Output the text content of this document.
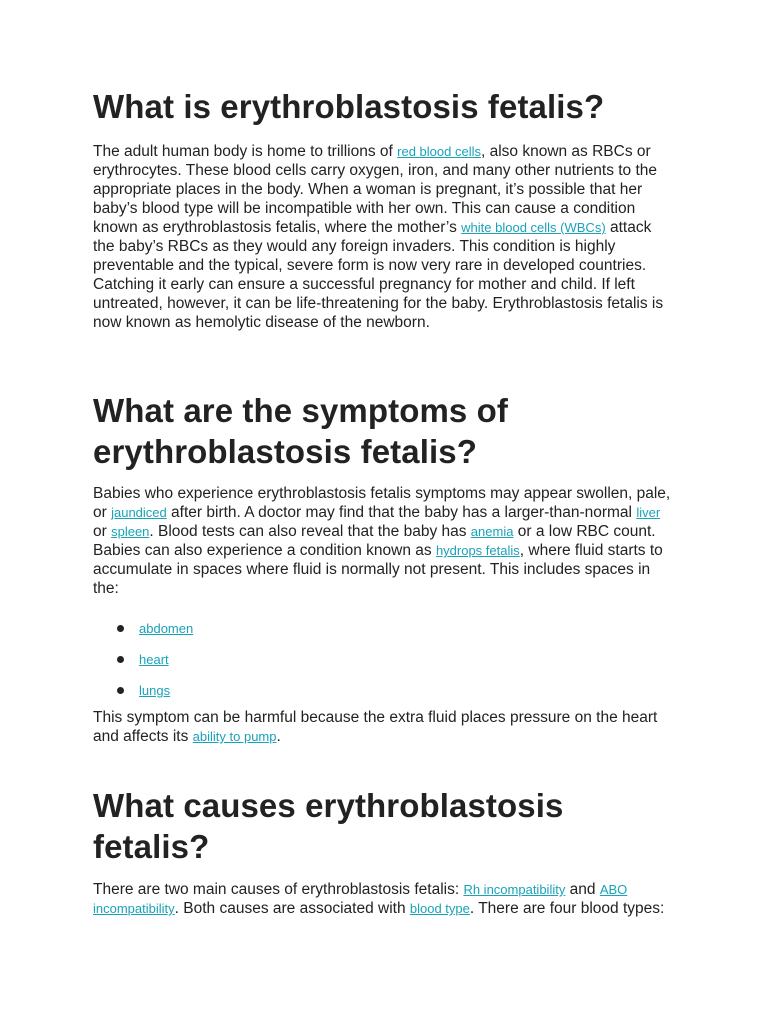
What is erythroblastosis fetalis?

The adult human body is home to trillions of red blood cells, also known as RBCs or erythrocytes. These blood cells carry oxygen, iron, and many other nutrients to the appropriate places in the body. When a woman is pregnant, it’s possible that her baby’s blood type will be incompatible with her own. This can cause a condition known as erythroblastosis fetalis, where the mother’s white blood cells (WBCs) attack the baby’s RBCs as they would any foreign invaders. This condition is highly preventable and the typical, severe form is now very rare in developed countries. Catching it early can ensure a successful pregnancy for mother and child. If left untreated, however, it can be life-threatening for the baby. Erythroblastosis fetalis is now known as hemolytic disease of the newborn.

What are the symptoms of erythroblastosis fetalis?

Babies who experience erythroblastosis fetalis symptoms may appear swollen, pale, or jaundiced after birth. A doctor may find that the baby has a larger-than-normal liver or spleen. Blood tests can also reveal that the baby has anemia or a low RBC count. Babies can also experience a condition known as hydrops fetalis, where fluid starts to accumulate in spaces where fluid is normally not present. This includes spaces in the:

abdomen
heart
lungs

This symptom can be harmful because the extra fluid places pressure on the heart and affects its ability to pump.

What causes erythroblastosis fetalis?

There are two main causes of erythroblastosis fetalis: Rh incompatibility and ABO incompatibility. Both causes are associated with blood type. There are four blood types:
